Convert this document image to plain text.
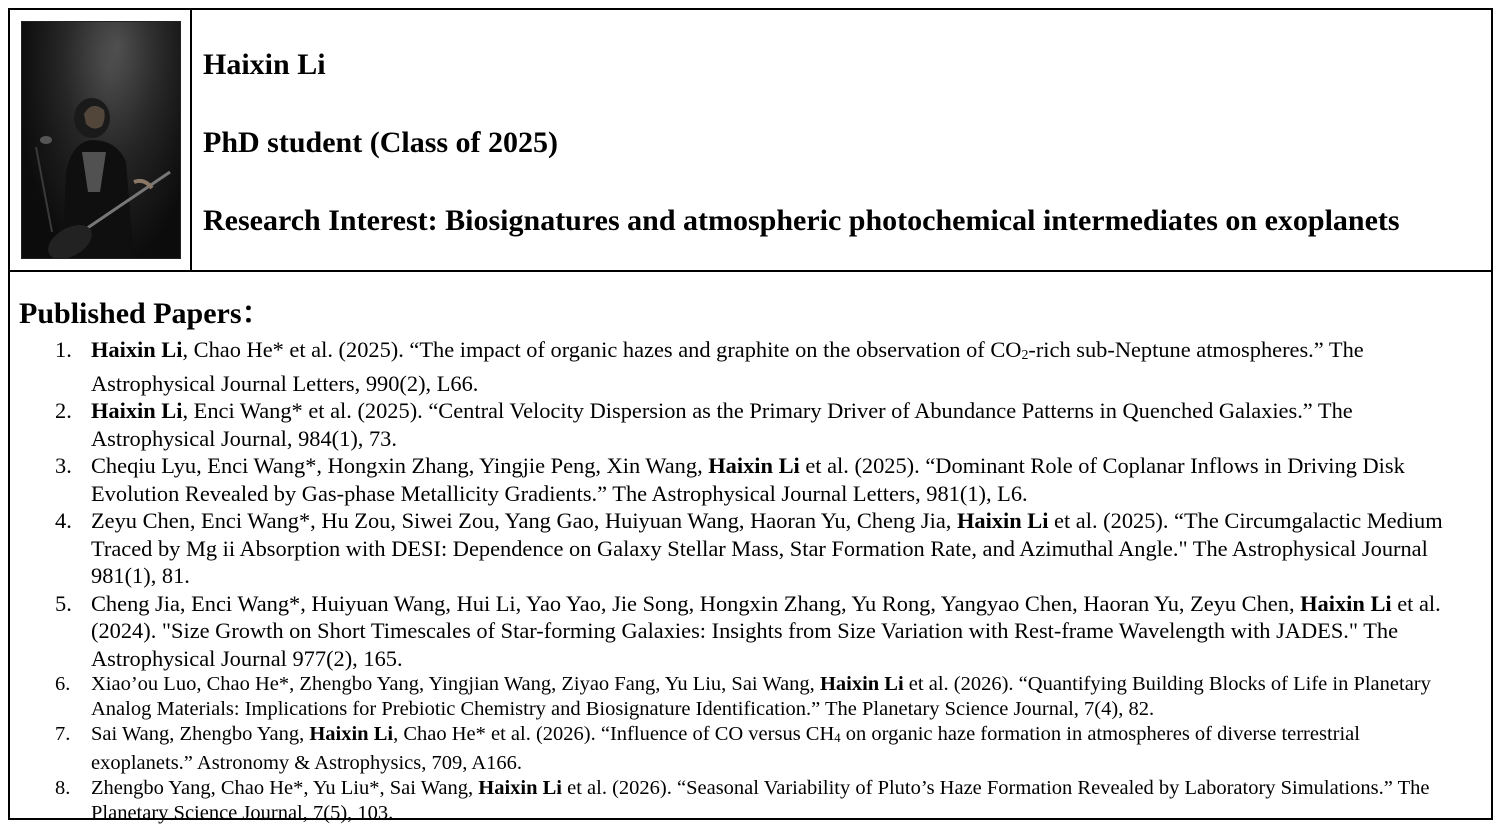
Haixin Li
PhD student (Class of 2025)
Research Interest: Biosignatures and atmospheric photochemical intermediates on exoplanets
Published Papers：
1. Haixin Li, Chao He* et al. (2025). “The impact of organic hazes and graphite on the observation of $CO_2$-rich sub-Neptune atmospheres.” The Astrophysical Journal Letters, 990(2), L66.
2. Haixin Li, Enci Wang* et al. (2025). “Central Velocity Dispersion as the Primary Driver of Abundance Patterns in Quenched Galaxies.” The Astrophysical Journal, 984(1), 73.
3. Cheqiu Lyu, Enci Wang*, Hongxin Zhang, Yingjie Peng, Xin Wang, Haixin Li et al. (2025). “Dominant Role of Coplanar Inflows in Driving Disk Evolution Revealed by Gas-phase Metallicity Gradients.” The Astrophysical Journal Letters, 981(1), L6.
4. Zeyu Chen, Enci Wang*, Hu Zou, Siwei Zou, Yang Gao, Huiyuan Wang, Haoran Yu, Cheng Jia, Haixin Li et al. (2025). “The Circumgalactic Medium Traced by Mg ii Absorption with DESI: Dependence on Galaxy Stellar Mass, Star Formation Rate, and Azimuthal Angle." The Astrophysical Journal 981(1), 81.
5. Cheng Jia, Enci Wang*, Huiyuan Wang, Hui Li, Yao Yao, Jie Song, Hongxin Zhang, Yu Rong, Yangyao Chen, Haoran Yu, Zeyu Chen, Haixin Li et al. (2024). "Size Growth on Short Timescales of Star-forming Galaxies: Insights from Size Variation with Rest-frame Wavelength with JADES." The Astrophysical Journal 977(2), 165.
6. Xiao’ou Luo, Chao He*, Zhengbo Yang, Yingjian Wang, Ziyao Fang, Yu Liu, Sai Wang, Haixin Li et al. (2026). “Quantifying Building Blocks of Life in Planetary Analog Materials: Implications for Prebiotic Chemistry and Biosignature Identification.” The Planetary Science Journal, 7(4), 82.
7. Sai Wang, Zhengbo Yang, Haixin Li, Chao He* et al. (2026). “Influence of CO versus $CH_4$ on organic haze formation in atmospheres of diverse terrestrial exoplanets.” Astronomy & Astrophysics, 709, A166.
8. Zhengbo Yang, Chao He*, Yu Liu*, Sai Wang, Haixin Li et al. (2026). “Seasonal Variability of Pluto’s Haze Formation Revealed by Laboratory Simulations.” The Planetary Science Journal, 7(5), 103.
